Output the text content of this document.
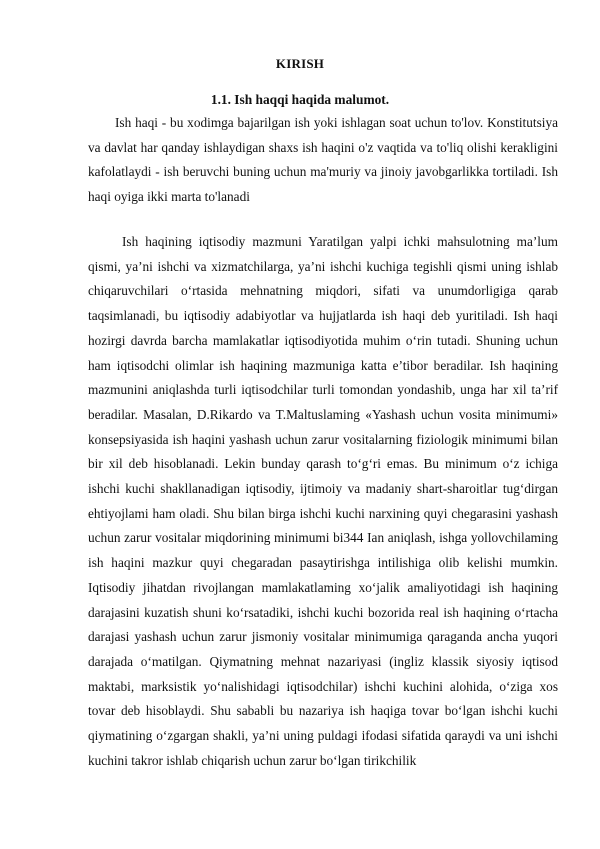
KIRISH
1.1. Ish haqqi haqida malumot.

Ish haqi - bu xodimga bajarilgan ish yoki ishlagan soat uchun to'lov. Konstitutsiya va davlat har qanday ishlaydigan shaxs ish haqini o'z vaqtida va to'liq olishi kerakligini kafolatlaydi - ish beruvchi buning uchun ma'muriy va jinoiy javobgarlikka tortiladi. Ish haqi oyiga ikki marta to'lanadi

Ish haqining iqtisodiy mazmuni Yaratilgan yalpi ichki mahsulotning ma’lum qismi, ya’ni ishchi va xizmatchilarga, ya’ni ishchi kuchiga tegishli qismi uning ishlab chiqaruvchilari o‘rtasida mehnatning miqdori, sifati va unumdorligiga qarab taqsimlanadi, bu iqtisodiy adabiyotlar va hujjatlarda ish haqi deb yuritiladi. Ish haqi hozirgi davrda barcha mamlakatlar iqtisodiyotida muhim o‘rin tutadi. Shuning uchun ham iqtisodchi olimlar ish haqining mazmuniga katta e’tibor beradilar. Ish haqining mazmunini aniqlashda turli iqtisodchilar turli tomondan yondashib, unga har xil ta’rif beradilar. Masalan, D.Rikardo va T.Maltuslaming «Yashash uchun vosita minimumi» konsepsiyasida ish haqini yashash uchun zarur vositalarning fiziologik minimumi bilan bir xil deb hisoblanadi. Lekin bunday qarash to‘g‘ri emas. Bu minimum o‘z ichiga ishchi kuchi shakllanadigan iqtisodiy, ijtimoiy va madaniy shart-sharoitlar tug‘dirgan ehtiyojlami ham oladi. Shu bilan birga ishchi kuchi narxining quyi chegarasini yashash uchun zarur vositalar miqdorining minimumi bi344 Ian aniqlash, ishga yollovchilaming ish haqini mazkur quyi chegaradan pasaytirishga intilishiga olib kelishi mumkin. Iqtisodiy jihatdan rivojlangan mamlakatlaming xo‘jalik amaliyotidagi ish haqining darajasini kuzatish shuni ko‘rsatadiki, ishchi kuchi bozorida real ish haqining o‘rtacha darajasi yashash uchun zarur jismoniy vositalar minimumiga qaraganda ancha yuqori darajada o‘matilgan. Qiymatning mehnat nazariyasi (ingliz klassik siyosiy iqtisod maktabi, marksistik yo‘nalishidagi iqtisodchilar) ishchi kuchini alohida, o‘ziga xos tovar deb hisoblaydi. Shu sababli bu nazariya ish haqiga tovar bo‘lgan ishchi kuchi qiymatining o‘zgargan shakli, ya’ni uning puldagi ifodasi sifatida qaraydi va uni ishchi kuchini takror ishlab chiqarish uchun zarur bo‘lgan tirikchilik
